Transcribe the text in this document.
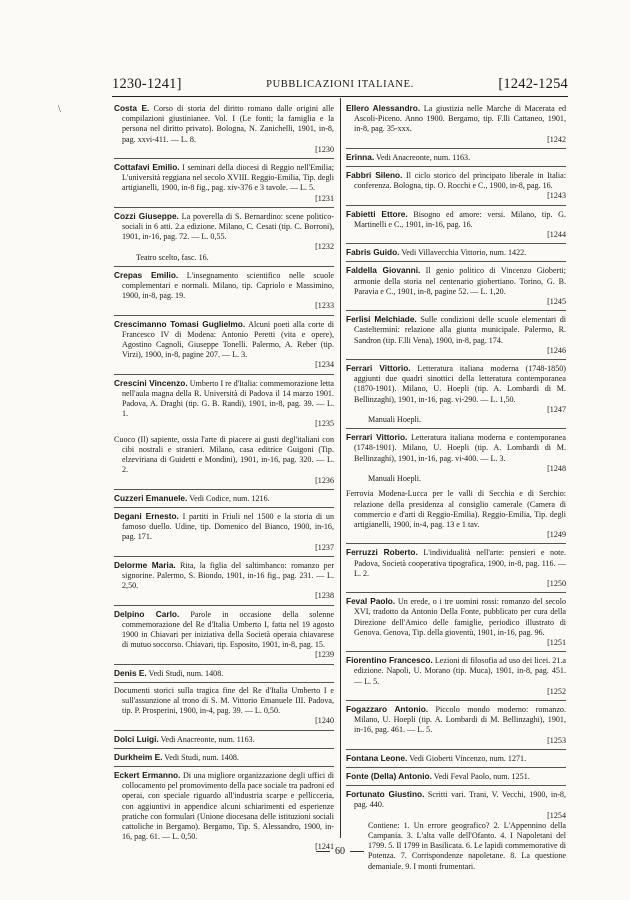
\
1230-1241]	PUBBLICAZIONI ITALIANE.	[1242-1254

Costa E. Corso di storia del diritto romano dalle origini alle compilazioni giustinianee. Vol. I (Le fonti; la famiglia e la persona nel diritto privato). Bologna, N. Zanichelli, 1901, in-8, pag. xxvi-411. — L. 8.
[1230

Cottafavi Emilio. I seminari della diocesi di Reggio nell'Emilia; L'università reggiana nel secolo XVIII. Reggio-Emilia, Tip. degli artigianelli, 1900, in-8 fig., pag. xiv-376 e 3 tavole. — L. 5.
[1231

Cozzi Giuseppe. La poverella di S. Bernardino: scene politico-sociali in 6 atti. 2.a edizione. Milano, C. Cesati (tip. C. Borroni), 1901, in-16, pag. 72. — L. 0,55.
[1232
Teatro scelto, fasc. 16.

Crepas Emilio. L'insegnamento scientifico nelle scuole complementari e normali. Milano, tip. Capriolo e Massimino, 1900, in-8, pag. 19.
[1233

Crescimanno Tomasi Guglielmo. Alcuni poeti alla corte di Francesco IV di Modena: Antonio Peretti (vita e opere), Agostino Cagnoli, Giuseppe Tonelli. Palermo, A. Reber (tip. Virzi), 1900, in-8, pagine 207. — L. 3.
[1234

Crescini Vincenzo. Umberto I re d'Italia: commemorazione letta nell'aula magna della R. Università di Padova il 14 marzo 1901. Padova, A. Draghi (tip. G. B. Randi), 1901, in-8, pag. 39. — L. 1.
[1235

Cuoco (Il) sapiente, ossia l'arte di piacere ai gusti degl'italiani con cibi nostrali e stranieri. Milano, casa editrice Guigoni (Tip. elzeviriana di Guidetti e Mondini), 1901, in-16, pag. 320. — L. 2.
[1236

Cuzzeri Emanuele. Vedi Codice, num. 1216.

Degani Ernesto. I partiti in Friuli nel 1500 e la storia di un famoso duello. Udine, tip. Domenico del Bianco, 1900, in-16, pag. 171.
[1237

Delorme Maria. Rita, la figlia del saltimbanco: romanzo per signorine. Palermo, S. Biondo, 1901, in-16 fig., pag. 231. — L. 2,50.
[1238

Delpino Carlo. Parole in occasione della solenne commemorazione del Re d'Italia Umberto I, fatta nel 19 agosto 1900 in Chiavari per iniziativa della Società operaia chiavarese di mutuo soccorso. Chiavari, tip. Esposito, 1901, in-8, pag. 15.
[1239

Denis E. Vedi Studi, num. 1408.

Documenti storici sulla tragica fine del Re d'Italia Umberto I e sull'assunzione al trono di S. M. Vittorio Emanuele III. Padova, tip. P. Prosperini, 1900, in-4, pag. 39. — L. 0,50.
[1240

Dolci Luigi. Vedi Anacreonte, num. 1163.

Durkheim E. Vedi Studi, num. 1408.

Eckert Ermanno. Di una migliore organizzazione degli uffici di collocamento pel promovimento della pace sociale tra padroni ed operai, con speciale riguardo all'industria scarpe e pellicceria, con aggiuntivi in appendice alcuni schiarimenti ed esperienze pratiche con formulari (Unione diocesana delle istituzioni sociali cattoliche in Bergamo). Bergamo, Tip. S. Alessandro, 1900, in-16, pag. 61. — L. 0,50.
[1241

Ellero Alessandro. La giustizia nelle Marche di Macerata ed Ascoli-Piceno. Anno 1900. Bergamo, tip. F.lli Cattaneo, 1901, in-8, pag. 35-xxx.
[1242

Erinna. Vedi Anacreonte, num. 1163.

Fabbri Sileno. Il ciclo storico del principato liberale in Italia: conferenza. Bologna, tip. O. Rocchi e C., 1900, in-8, pag. 16.
[1243

Fabietti Ettore. Bisogno ed amore: versi. Milano, tip. G. Martinelli e C., 1901, in-16, pag. 16.
[1244

Fabris Guido. Vedi Villavecchia Vittorio, num. 1422.

Faldella Giovanni. Il genio politico di Vincenzo Gioberti; armonie della storia nel centenario giobertiano. Torino, G. B. Paravia e C., 1901, in-8, pagine 52. — L. 1,20.
[1245

Ferlisi Melchiade. Sulle condizioni delle scuole elementari di Castelterminì: relazione alla giunta municipale. Palermo, R. Sandron (tip. F.lli Vena), 1900, in-8, pag. 174.
[1246

Ferrari Vittorio. Letteratura italiana moderna (1748-1850) aggiunti due quadri sinottici della letteratura contemporanea (1870-1901). Milano, U. Hoepli (tip. A. Lombardi di M. Bellinzaghi), 1901, in-16, pag. vi-290. — L. 1,50.
[1247
Manuali Hoepli.

Ferrari Vittorio. Letteratura italiana moderna e contemporanea (1748-1901). Milano, U. Hoepli (tip. A. Lombardi di M. Bellinzaghi), 1901, in-16, pag. vi-400. — L. 3.
[1248
Manuali Hoepli.

Ferrovia Modena-Lucca per le valli di Secchia e di Serchio: relazione della presidenza al consiglio camerale (Camera di commercio e d'arti di Reggio-Emilia). Reggio-Emilia, Tip. degli artigianelli, 1900, in-4, pag. 13 e 1 tav.
[1249

Ferruzzi Roberto. L'individualità nell'arte: pensieri e note. Padova, Società cooperativa tipografica, 1900, in-8, pag. 116. — L. 2.
[1250

Feval Paolo. Un erede, o i tre uomini rossi: romanzo del secolo XVI, tradotto da Antonio Della Fonte, pubblicato per cura della Direzione dell'Amico delle famiglie, periodico illustrato di Genova. Genova, Tip. della gioventù, 1901, in-16, pag. 96.
[1251

Fiorentino Francesco. Lezioni di filosofia ad uso dei licei. 21.a edizione. Napoli, U. Morano (tip. Muca), 1901, in-8, pag. 451. — L. 5.
[1252

Fogazzaro Antonio. Piccolo mondo moderno: romanzo. Milano, U. Hoepli (tip. A. Lombardi di M. Bellinzaghi), 1901, in-16, pag. 461. — L. 5.
[1253

Fontana Leone. Vedi Gioberti Vincenzo, num. 1271.

Fonte (Della) Antonio. Vedi Feval Paolo, num. 1251.

Fortunato Giustino. Scritti vari. Trani, V. Vecchi, 1900, in-8, pag. 440.
[1254
Contiene: 1. Un errore geografico? 2. L'Appennino della Campania. 3. L'alta valle dell'Ofanto. 4. I Napoletani del 1799. 5. Il 1799 in Basilicata. 6. Le lapidi commemorative di Potenza. 7. Corrispondenze napoletane. 8. La questione demaniale. 9. I monti frumentari.

60
